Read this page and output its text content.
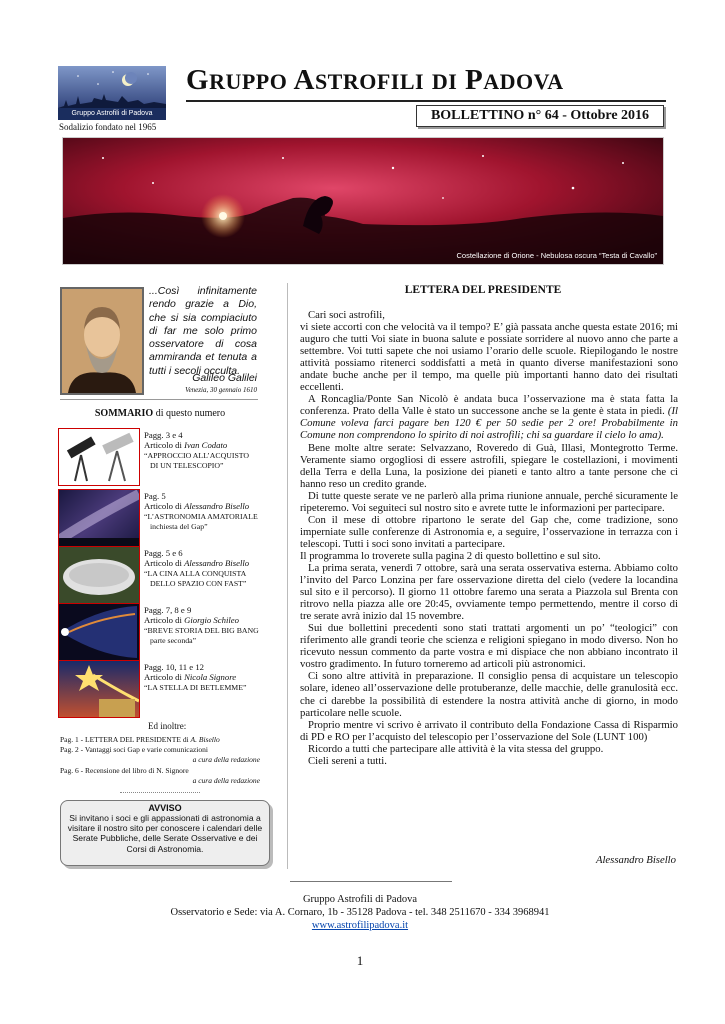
Gruppo Astrofili di Padova
Sodalizio fondato nel 1965
GRUPPO ASTROFILI DI PADOVA
BOLLETTINO n° 64 - Ottobre 2016
Costellazione di Orione - Nebulosa oscura “Testa di Cavallo”
...Così infinitamente rendo grazie a Dio, che si sia compiaciuto di far me solo primo osservatore di cosa ammiranda et tenuta a tutti i secoli occulta.
Galileo Galilei
Venezia, 30 gennaio 1610
SOMMARIO di questo numero
Pagg. 3 e 4
Articolo di Ivan Codato
“APPROCCIO ALL’ACQUISTO
DI UN TELESCOPIO”
Pag. 5
Articolo di Alessandro Bisello
“L’ASTRONOMIA AMATORIALE
inchiesta del Gap”
Pagg. 5 e 6
Articolo di Alessandro Bisello
“LA CINA ALLA CONQUISTA
DELLO SPAZIO CON FAST”
Pagg. 7, 8 e 9
Articolo di Giorgio Schileo
“BREVE STORIA DEL BIG BANG
parte seconda”
Pagg. 10, 11 e 12
Articolo di Nicola Signore
“LA STELLA DI BETLEMME”
Ed inoltre:
Pag. 1 - LETTERA DEL PRESIDENTE di A. Bisello
Pag. 2 - Vantaggi soci Gap e varie comunicazioni
a cura della redazione
Pag. 6 - Recensione del libro di N. Signore
a cura della redazione
AVVISO
Si invitano i soci e gli appassionati di astronomia a visitare il nostro sito per conoscere i calendari delle Serate Pubbliche, delle Serate Osservative e dei Corsi di Astronomia.
LETTERA DEL PRESIDENTE

Cari soci astrofili,

vi siete accorti con che velocità va il tempo? E’ già passata anche questa estate 2016; mi auguro che tutti Voi siate in buona salute e possiate sorridere al nuovo anno che parte a settembre. Voi tutti sapete che noi usiamo l’orario delle scuole. Riepilogando le nostre attività possiamo ritenerci soddisfatti a metà in quanto diverse manifestazioni sono andate buche anche per il tempo, ma quelle più importanti hanno dato dei risultati eccellenti.

A Roncaglia/Ponte San Nicolò è andata buca l’osservazione ma è stata fatta la conferenza. Prato della Valle è stato un successone anche se la gente è stata in piedi. (Il Comune voleva farci pagare ben 120 € per 50 sedie per 2 ore! Probabilmente in Comune non comprendono lo spirito di noi astrofili; chi sa guardare il cielo lo ama).

Bene molte altre serate: Selvazzano, Roveredo di Guà, Illasi, Montegrotto Terme. Veramente siamo orgogliosi di essere astrofili, spiegare le costellazioni, i movimenti della Terra e della Luna, la posizione dei pianeti e tanto altro a tante persone che ci hanno reso un credito grande.

Di tutte queste serate ve ne parlerò alla prima riunione annuale, perché sicuramente le ripeteremo. Voi seguiteci sul nostro sito e avrete tutte le informazioni per partecipare.

Con il mese di ottobre ripartono le serate del Gap che, come tradizione, sono imperniate sulle conferenze di Astronomia e, a seguire, l’osservazione in terrazza con i telescopi. Tutti i soci sono invitati a partecipare.

Il programma lo troverete sulla pagina 2 di questo bollettino e sul sito.

La prima serata, venerdì 7 ottobre, sarà una serata osservativa esterna. Abbiamo colto l’invito del Parco Lonzina per fare osservazione diretta del cielo (vedere la locandina sul sito e il percorso). Il giorno 11 ottobre faremo una serata a Piazzola sul Brenta con ritrovo nella piazza alle ore 20:45, ovviamente tempo permettendo, mentre il corso di tre serate avrà inizio dal 15 novembre.

Sui due bollettini precedenti sono stati trattati argomenti un po’ “teologici” con riferimento alle grandi teorie che scienza e religioni spiegano in modo diverso. Non ho ricevuto nessun commento da parte vostra e mi dispiace che non abbiano incontrato il vostro gradimento. In futuro torneremo ad articoli più astronomici.

Ci sono altre attività in preparazione. Il consiglio pensa di acquistare un telescopio solare, ideneo all’osservazione delle protuberanze, delle macchie, delle granulosità ecc. che ci darebbe la possibilità di estendere la nostra attività anche di giorno, in modo particolare nelle scuole.

Proprio mentre vi scrivo è arrivato il contributo della Fondazione Cassa di Risparmio di PD e RO per l’acquisto del telescopio per l’osservazione del Sole (LUNT 100)

Ricordo a tutti che partecipare alle attività è la vita stessa del gruppo.

Cieli sereni a tutti.

Alessandro Bisello
Gruppo Astrofili di Padova
Osservatorio e Sede: via A. Cornaro, 1b - 35128 Padova - tel. 348 2511670 - 334 3968941
www.astrofilipadova.it
1
